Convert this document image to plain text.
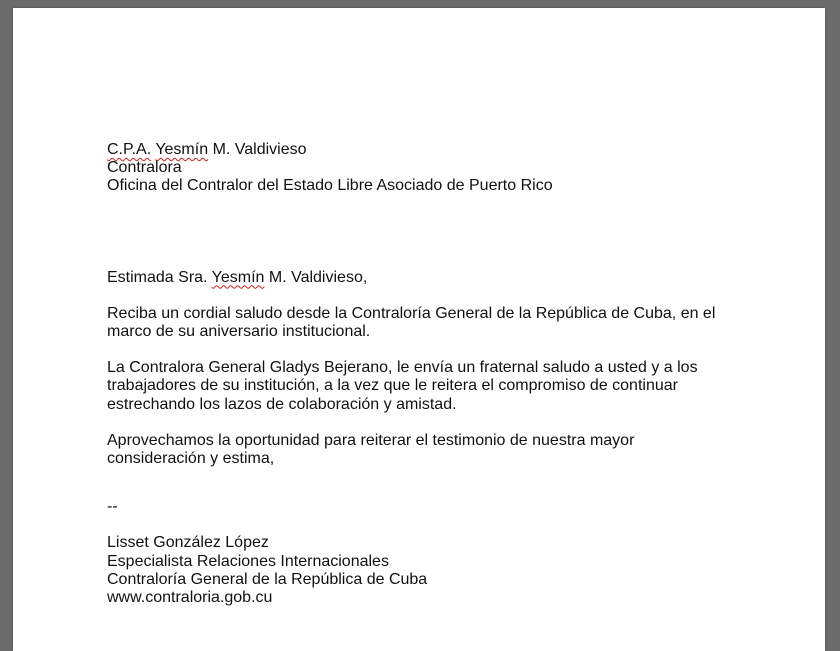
C.P.A. Yesmín M. Valdivieso
Contralora
Oficina del Contralor del Estado Libre Asociado de Puerto Rico
Estimada Sra. Yesmín M. Valdivieso,
Reciba un cordial saludo desde la Contraloría General de la República de Cuba, en el
marco de su aniversario institucional.
La Contralora General Gladys Bejerano, le envía un fraternal saludo a usted y a los
trabajadores de su institución, a la vez que le reitera el compromiso de continuar
estrechando los lazos de colaboración y amistad.
Aprovechamos la oportunidad para reiterar el testimonio de nuestra mayor
consideración y estima,
--
Lisset González López
Especialista Relaciones Internacionales
Contraloría General de la República de Cuba
www.contraloria.gob.cu
